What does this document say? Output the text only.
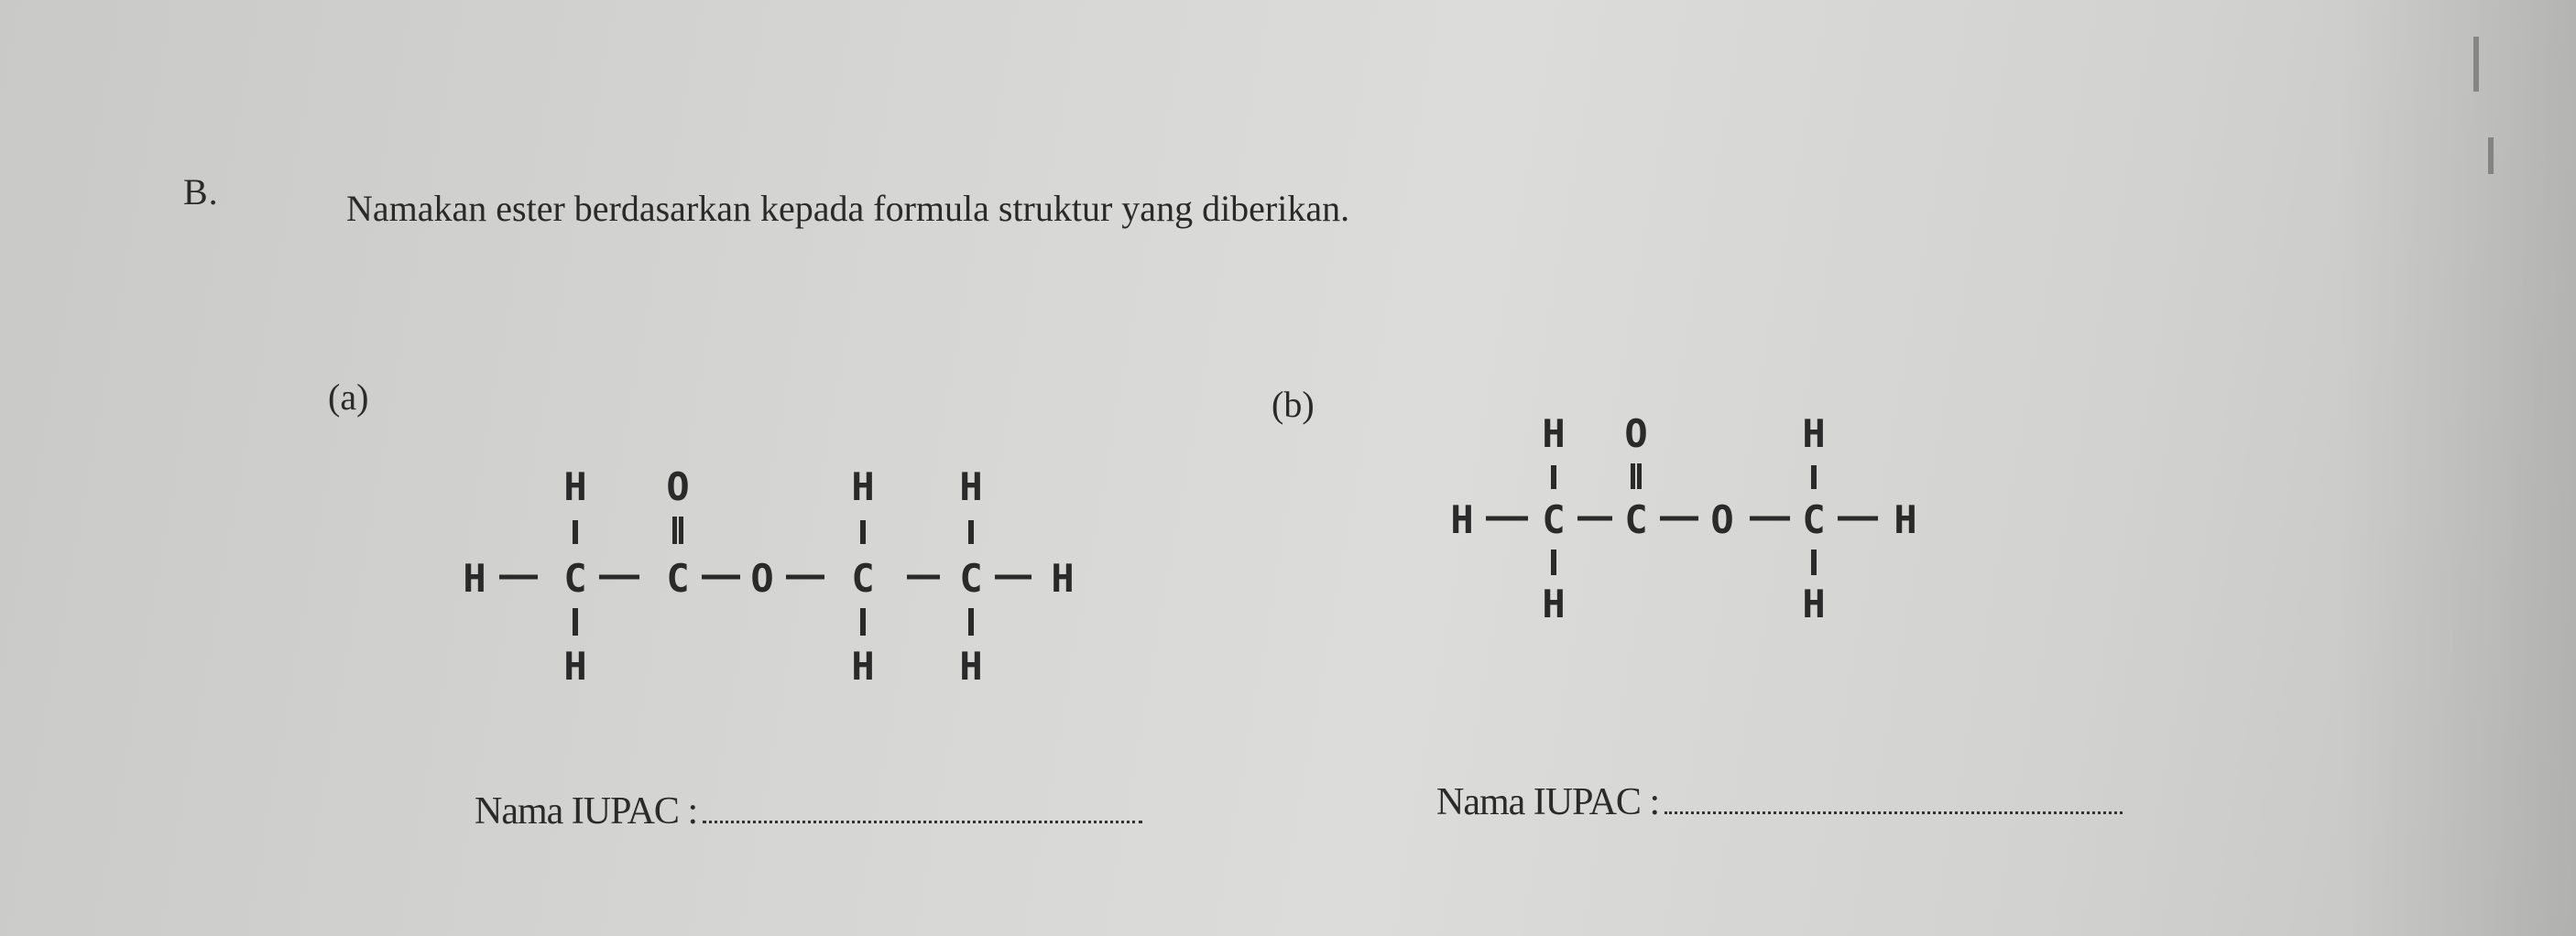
B.	Namakan ester berdasarkan kepada formula struktur yang diberikan.
(a)
H O	H H
H C C O C C H
H	H H
Nama IUPAC :
(b)
H O	H
H C C O C H
H	H
Nama IUPAC :
